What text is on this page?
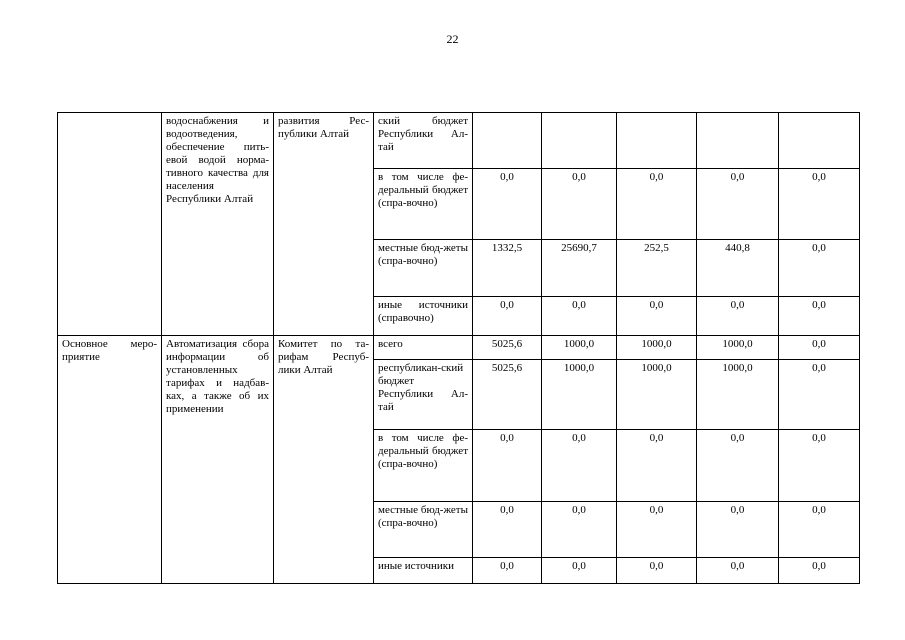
22
	водоснабжения и водоотведения, обеспечение пить-евой водой норма-тивного качества для населения Республики Алтай	развития Рес-публики Алтай	ский бюджет Республики Ал-тай					
			в том числе фе-деральный бюджет (спра-вочно)	0,0	0,0	0,0	0,0	0,0
			местные бюд-жеты (спра-вочно)	1332,5	25690,7	252,5	440,8	0,0
			иные источники (справочно)	0,0	0,0	0,0	0,0	0,0
Основное меро-приятие	Автоматизация сбора информации об установленных тарифах и надбав-ках, а также об их применении	Комитет по та-рифам Респуб-лики Алтай	всего	5025,6	1000,0	1000,0	1000,0	0,0
			республикан-ский бюджет Республики Ал-тай	5025,6	1000,0	1000,0	1000,0	0,0
			в том числе фе-деральный бюджет (спра-вочно)	0,0	0,0	0,0	0,0	0,0
			местные бюд-жеты (спра-вочно)	0,0	0,0	0,0	0,0	0,0
			иные источники	0,0	0,0	0,0	0,0	0,0
